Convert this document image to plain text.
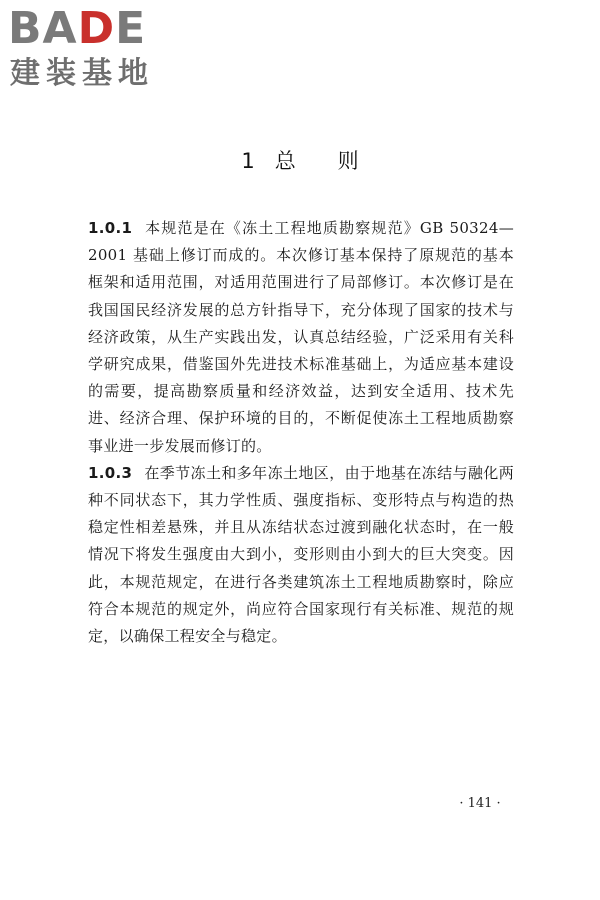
BADE
建装基地
1 总则

1.0.1 本规范是在《冻土工程地质勘察规范》GB 50324—2001 基础上修订而成的。本次修订基本保持了原规范的基本框架和适用范围，对适用范围进行了局部修订。本次修订是在我国国民经济发展的总方针指导下，充分体现了国家的技术与经济政策，从生产实践出发，认真总结经验，广泛采用有关科学研究成果，借鉴国外先进技术标准基础上，为适应基本建设的需要，提高勘察质量和经济效益，达到安全适用、技术先进、经济合理、保护环境的目的，不断促使冻土工程地质勘察事业进一步发展而修订的。

1.0.3 在季节冻土和多年冻土地区，由于地基在冻结与融化两种不同状态下，其力学性质、强度指标、变形特点与构造的热稳定性相差悬殊，并且从冻结状态过渡到融化状态时，在一般情况下将发生强度由大到小，变形则由小到大的巨大突变。因此，本规范规定，在进行各类建筑冻土工程地质勘察时，除应符合本规范的规定外，尚应符合国家现行有关标准、规范的规定，以确保工程安全与稳定。

· 141 ·
